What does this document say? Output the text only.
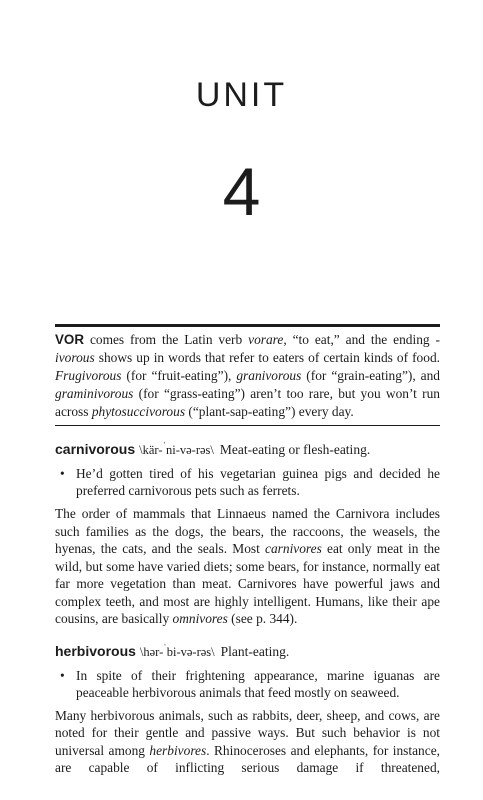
UNIT
4

VOR comes from the Latin verb vorare, “to eat,” and the ending -ivorous shows up in words that refer to eaters of certain kinds of food. Frugivorous (for “fruit-eating”), granivorous (for “grain-eating”), and graminivorous (for “grass-eating”) aren’t too rare, but you won’t run across phytosuccivorous (“plant-sap-eating”) every day.

carnivorous \kär-$^ˈ$ni-və-rəs\ Meat-eating or flesh-eating.

• He’d gotten tired of his vegetarian guinea pigs and decided he preferred carnivorous pets such as ferrets.

The order of mammals that Linnaeus named the Carnivora includes such families as the dogs, the bears, the raccoons, the weasels, the hyenas, the cats, and the seals. Most carnivores eat only meat in the wild, but some have varied diets; some bears, for instance, normally eat far more vegetation than meat. Carnivores have powerful jaws and complex teeth, and most are highly intelligent. Humans, like their ape cousins, are basically omnivores (see p. 344).

herbivorous \hər-$^ˈ$bi-və-rəs\ Plant-eating.

• In spite of their frightening appearance, marine iguanas are peaceable herbivorous animals that feed mostly on seaweed.

Many herbivorous animals, such as rabbits, deer, sheep, and cows, are noted for their gentle and passive ways. But such behavior is not universal among herbivores. Rhinoceroses and elephants, for instance, are capable of inflicting serious damage if threatened,
